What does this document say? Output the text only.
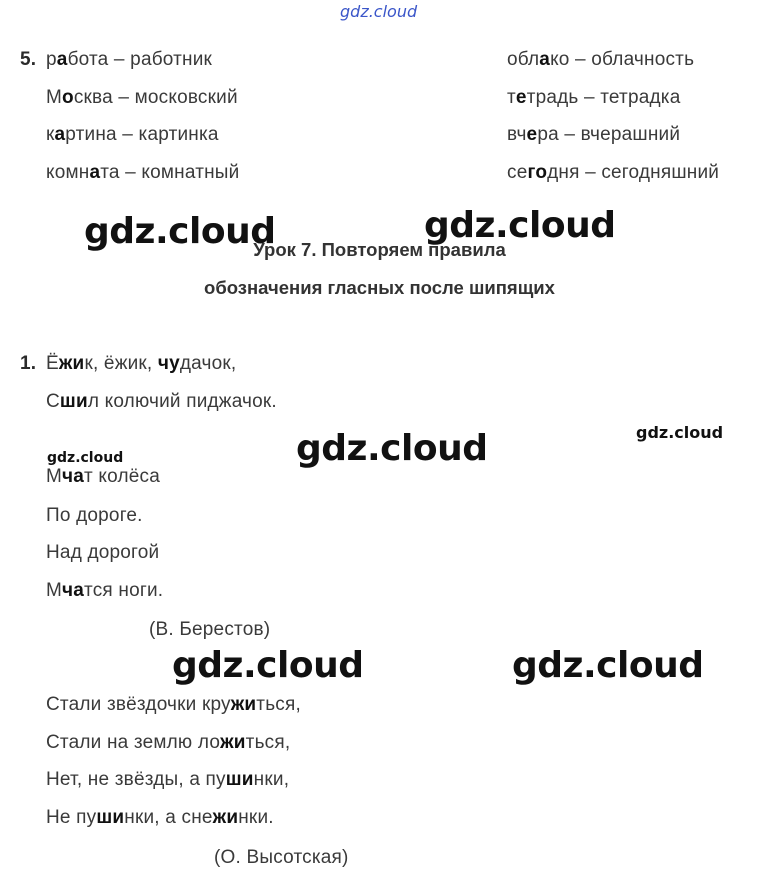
gdz.cloud
5. работа – работник
Москва – московский
картина – картинка
комната – комнатный
облако – облачность
тетрадь – тетрадка
вчера – вчерашний
сегодня – сегодняшний
gdz.cloud	gdz.cloud
Урок 7. Повторяем правила
обозначения гласных после шипящих
1. Ёжик, ёжик, чудачок,
Сшил колючий пиджачок.
gdz.cloud	gdz.cloud	gdz.cloud
Мчат колёса
По дороге.
Над дорогой
Мчатся ноги.
(В. Берестов)
gdz.cloud	gdz.cloud
Стали звёздочки кружиться,
Стали на землю ложиться,
Нет, не звёзды, а пушинки,
Не пушинки, а снежинки.
(О. Высотская)
